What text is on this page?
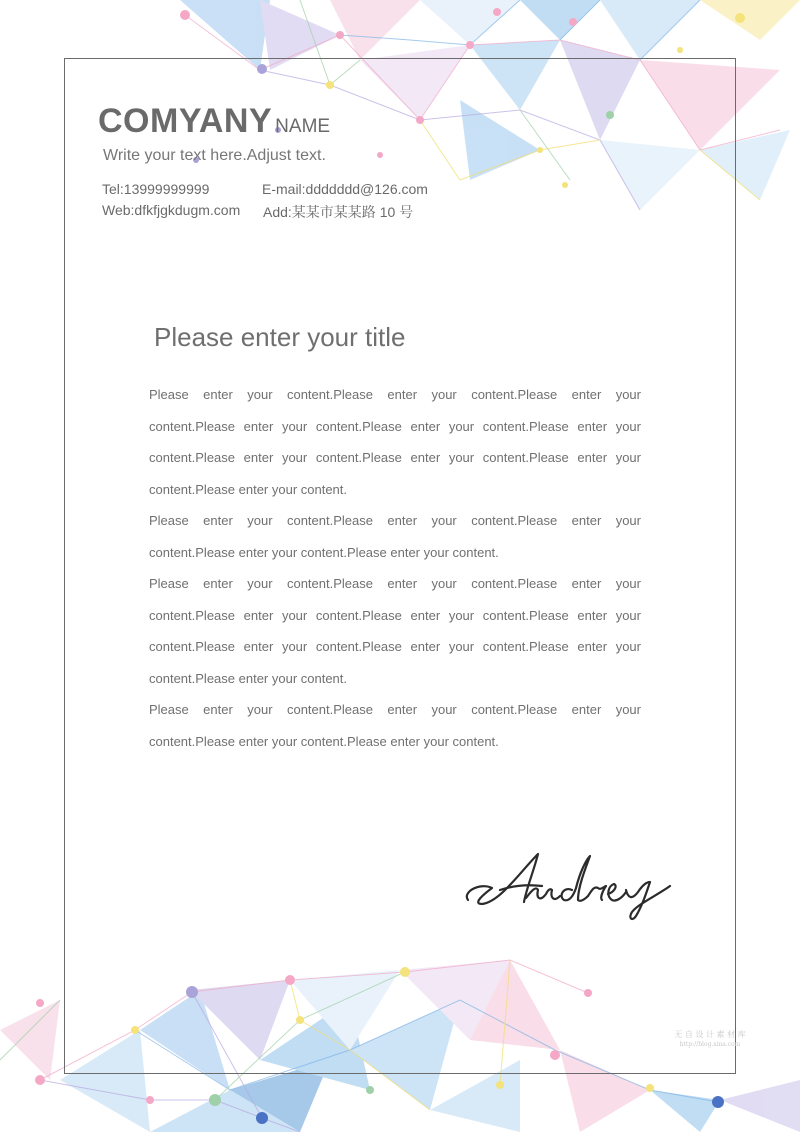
COMYANY NAME
Write your text here.Adjust text.
Tel:13999999999	E-mail:ddddddd@126.com
Web:dfkfjgkdugm.com Add:某某市某某路 10 号
Please enter your title

Please enter your content.Please enter your content.Please enter your content.Please enter your content.Please enter your content.Please enter your content.Please enter your content.Please enter your content.Please enter your content.Please enter your content.

Please enter your content.Please enter your content.Please enter your content.Please enter your content.Please enter your content.

Please enter your content.Please enter your content.Please enter your content.Please enter your content.Please enter your content.Please enter your content.Please enter your content.Please enter your content.Please enter your content.Please enter your content.

Please enter your content.Please enter your content.Please enter your content.Please enter your content.Please enter your content.

无 自 设 计 素 材 库
http://blog.sina.com
